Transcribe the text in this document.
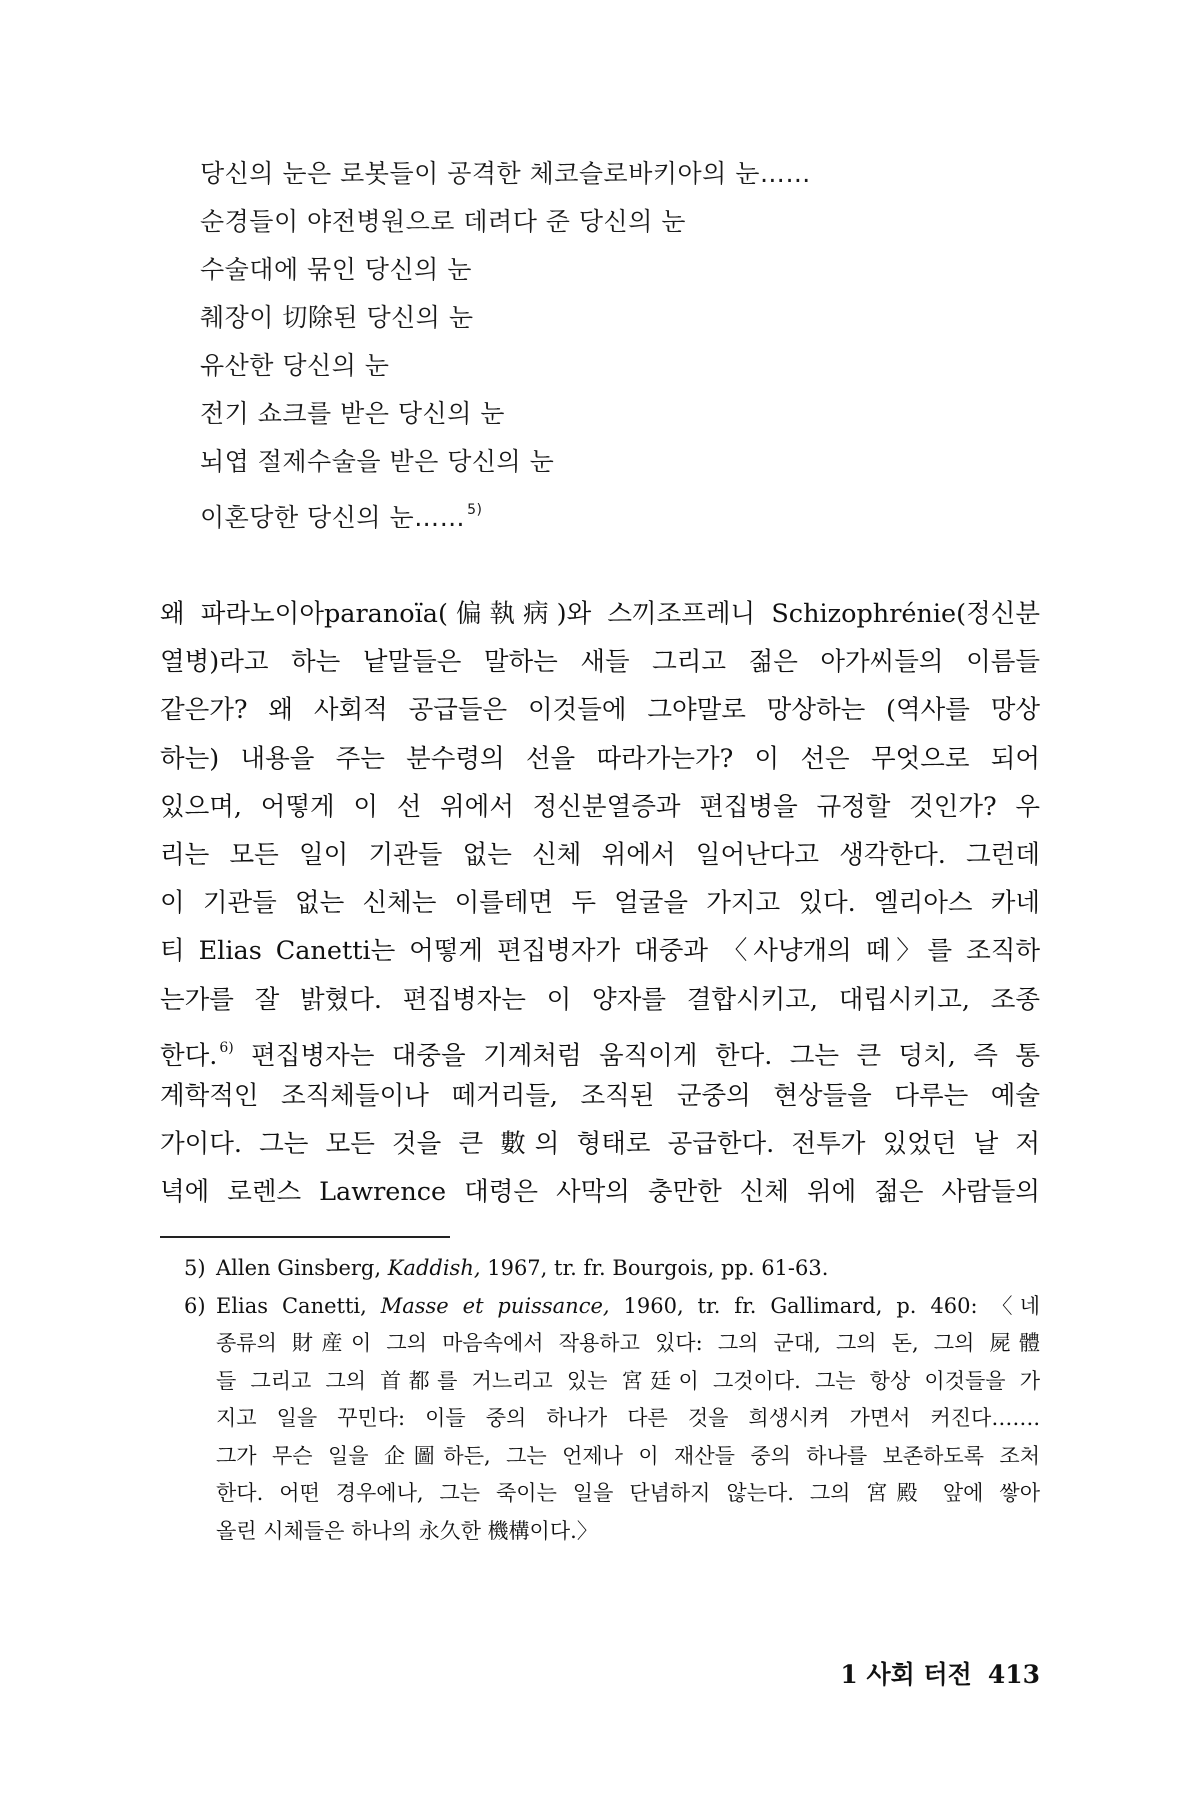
당신의 눈은 로봇들이 공격한 체코슬로바키아의 눈……
순경들이 야전병원으로 데려다 준 당신의 눈
수술대에 묶인 당신의 눈
췌장이 切除된 당신의 눈
유산한 당신의 눈
전기 쇼크를 받은 당신의 눈
뇌엽 절제수술을 받은 당신의 눈
이혼당한 당신의 눈…… $^{5)}$
왜 파라노이아paranoïa(偏執病)와 스끼조프레니 Schizophrénie(정신분
열병)라고 하는 낱말들은 말하는 새들 그리고 젊은 아가씨들의 이름들
같은가? 왜 사회적 공급들은 이것들에 그야말로 망상하는 (역사를 망상
하는) 내용을 주는 분수령의 선을 따라가는가? 이 선은 무엇으로 되어
있으며, 어떻게 이 선 위에서 정신분열증과 편집병을 규정할 것인가? 우
리는 모든 일이 기관들 없는 신체 위에서 일어난다고 생각한다. 그런데
이 기관들 없는 신체는 이를테면 두 얼굴을 가지고 있다. 엘리아스 카네
티 Elias Canetti는 어떻게 편집병자가 대중과 〈사냥개의 떼〉를 조직하
는가를 잘 밝혔다. 편집병자는 이 양자를 결합시키고, 대립시키고, 조종
한다. $^{6)}$ 편집병자는 대중을 기계처럼 움직이게 한다. 그는 큰 덩치, 즉 통
계학적인 조직체들이나 떼거리들, 조직된 군중의 현상들을 다루는 예술
가이다. 그는 모든 것을 큰 數의 형태로 공급한다. 전투가 있었던 날 저
녁에 로렌스 Lawrence 대령은 사막의 충만한 신체 위에 젊은 사람들의
5) Allen Ginsberg, Kaddish, 1967, tr. fr. Bourgois, pp. 61-63.
6) Elias Canetti, Masse et puissance, 1960, tr. fr. Gallimard, p. 460: 〈네
종류의 財産이 그의 마음속에서 작용하고 있다: 그의 군대, 그의 돈, 그의 屍體
들 그리고 그의 首都를 거느리고 있는 宮廷이 그것이다. 그는 항상 이것들을 가
지고 일을 꾸민다: 이들 중의 하나가 다른 것을 희생시켜 가면서 커진다…….
그가 무슨 일을 企圖하든, 그는 언제나 이 재산들 중의 하나를 보존하도록 조처
한다. 어떤 경우에나, 그는 죽이는 일을 단념하지 않는다. 그의 宮殿 앞에 쌓아
올린 시체들은 하나의 永久한 機構이다.〉
1 사회 터전 413
